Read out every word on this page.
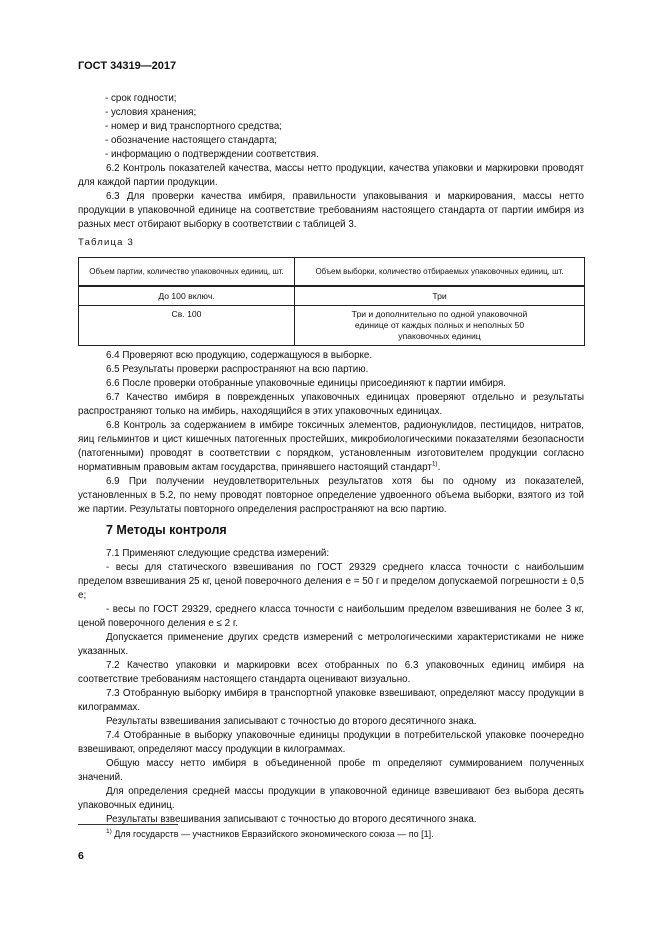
ГОСТ 34319—2017
- срок годности;
- условия хранения;
- номер и вид транспортного средства;
- обозначение настоящего стандарта;
- информацию о подтверждении соответствия.

6.2 Контроль показателей качества, массы нетто продукции, качества упаковки и маркировки проводят для каждой партии продукции.

6.3 Для проверки качества имбиря, правильности упаковывания и маркирования, массы нетто продукции в упаковочной единице на соответствие требованиям настоящего стандарта от партии имбиря из разных мест отбирают выборку в соответствии с таблицей 3.

Таблица 3
Объем партии, количество упаковочных единиц, шт.	Объем выборки, количество отбираемых упаковочных единиц, шт.
До 100 включ.	Три
Св. 100	Три и дополнительно по одной упаковочной единице от каждых полных и неполных 50 упаковочных единиц

6.4 Проверяют всю продукцию, содержащуюся в выборке.

6.5 Результаты проверки распространяют на всю партию.

6.6 После проверки отобранные упаковочные единицы присоединяют к партии имбиря.

6.7 Качество имбиря в поврежденных упаковочных единицах проверяют отдельно и результаты распространяют только на имбирь, находящийся в этих упаковочных единицах.

6.8 Контроль за содержанием в имбире токсичных элементов, радионуклидов, пестицидов, нитратов, яиц гельминтов и цист кишечных патогенных простейших, микробиологическими показателями безопасности (патогенными) проводят в соответствии с порядком, установленным изготовителем продукции согласно нормативным правовым актам государства, принявшего настоящий стандарт$^{1)}$.

6.9 При получении неудовлетворительных результатов хотя бы по одному из показателей, установленных в 5.2, по нему проводят повторное определение удвоенного объема выборки, взятого из той же партии. Результаты повторного определения распространяют на всю партию.

7 Методы контроля

7.1 Применяют следующие средства измерений:

- весы для статического взвешивания по ГОСТ 29329 среднего класса точности с наибольшим пределом взвешивания 25 кг, ценой поверочного деления е = 50 г и пределом допускаемой погрешности ± 0,5 е;

- весы по ГОСТ 29329, среднего класса точности с наибольшим пределом взвешивания не более 3 кг, ценой поверочного деления е ≤ 2 г.

Допускается применение других средств измерений с метрологическими характеристиками не ниже указанных.

7.2 Качество упаковки и маркировки всех отобранных по 6.3 упаковочных единиц имбиря на соответствие требованиям настоящего стандарта оценивают визуально.

7.3 Отобранную выборку имбиря в транспортной упаковке взвешивают, определяют массу продукции в килограммах.

Результаты взвешивания записывают с точностью до второго десятичного знака.

7.4 Отобранные в выборку упаковочные единицы продукции в потребительской упаковке поочередно взвешивают, определяют массу продукции в килограммах.

Общую массу нетто имбиря в объединенной пробе m определяют суммированием полученных значений.

Для определения средней массы продукции в упаковочной единице взвешивают без выбора десять упаковочных единиц.

Результаты взвешивания записывают с точностью до второго десятичного знака.

$^{1)}$ Для государств — участников Евразийского экономического союза — по [1].
6
